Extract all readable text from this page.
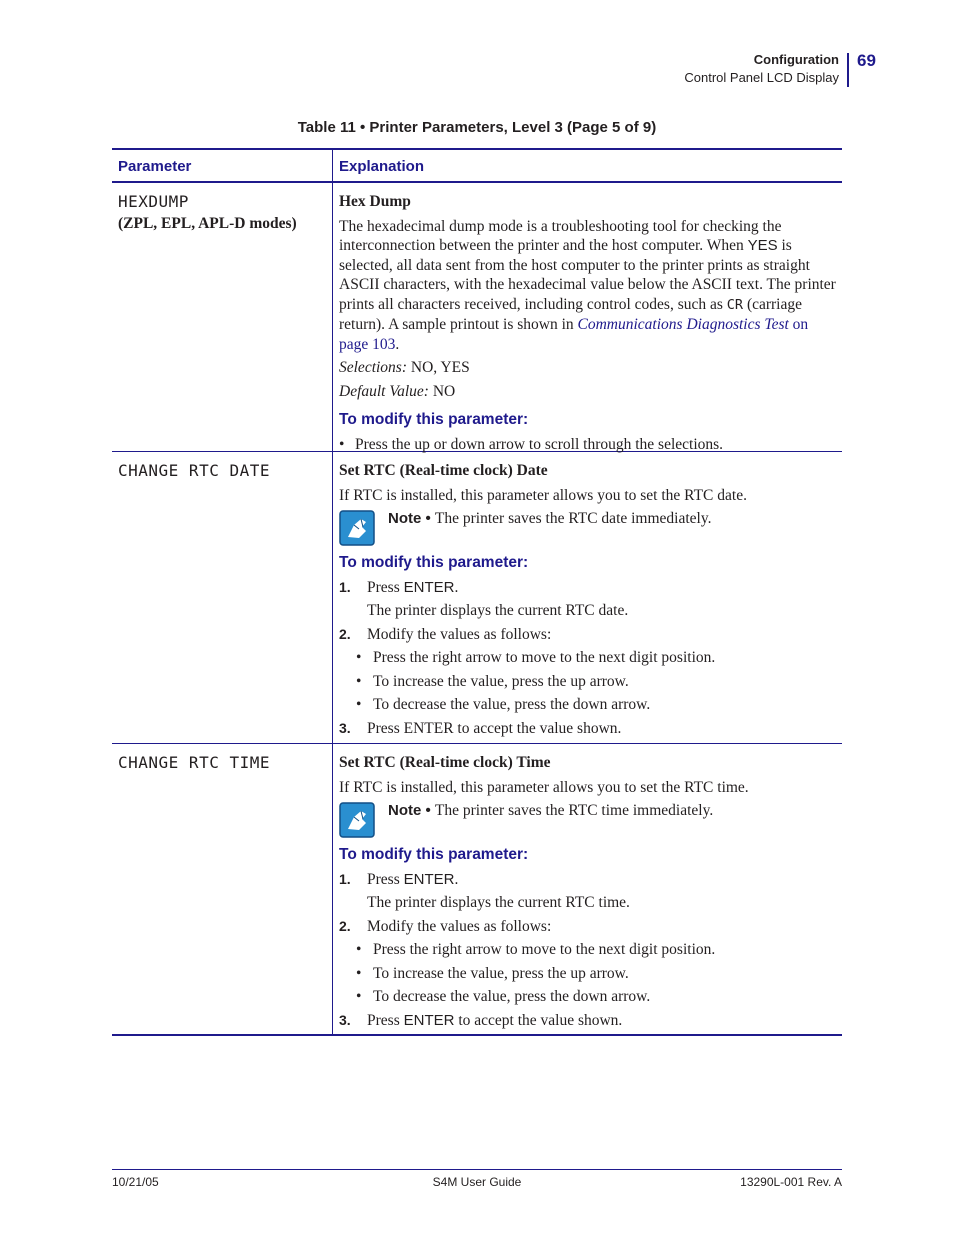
Configuration
Control Panel LCD Display
69
Table 11 • Printer Parameters, Level 3 (Page 5 of 9)
Parameter	Explanation
HEXDUMP
(ZPL, EPL, APL-D modes)

Hex Dump

The hexadecimal dump mode is a troubleshooting tool for checking the interconnection between the printer and the host computer. When YES is selected, all data sent from the host computer to the printer prints as straight ASCII characters, with the hexadecimal value below the ASCII text. The printer prints all characters received, including control codes, such as CR (carriage return). A sample printout is shown in Communications Diagnostics Test on page 103.

Selections: NO, YES

Default Value: NO

To modify this parameter:

• Press the up or down arrow to scroll through the selections.

CHANGE RTC DATE	Set RTC (Real-time clock) Date

If RTC is installed, this parameter allows you to set the RTC date.

Note • The printer saves the RTC date immediately.

To modify this parameter:

1.	Press ENTER.

The printer displays the current RTC date.

2.	Modify the values as follows:

• Press the right arrow to move to the next digit position.

• To increase the value, press the up arrow.

• To decrease the value, press the down arrow.

3.	Press ENTER to accept the value shown.

CHANGE RTC TIME	Set RTC (Real-time clock) Time

If RTC is installed, this parameter allows you to set the RTC time.

Note • The printer saves the RTC time immediately.

To modify this parameter:

1.	Press ENTER.

The printer displays the current RTC time.

2.	Modify the values as follows:

• Press the right arrow to move to the next digit position.

• To increase the value, press the up arrow.

• To decrease the value, press the down arrow.

3.	Press ENTER to accept the value shown.

10/21/05	S4M User Guide	13290L-001 Rev. A
